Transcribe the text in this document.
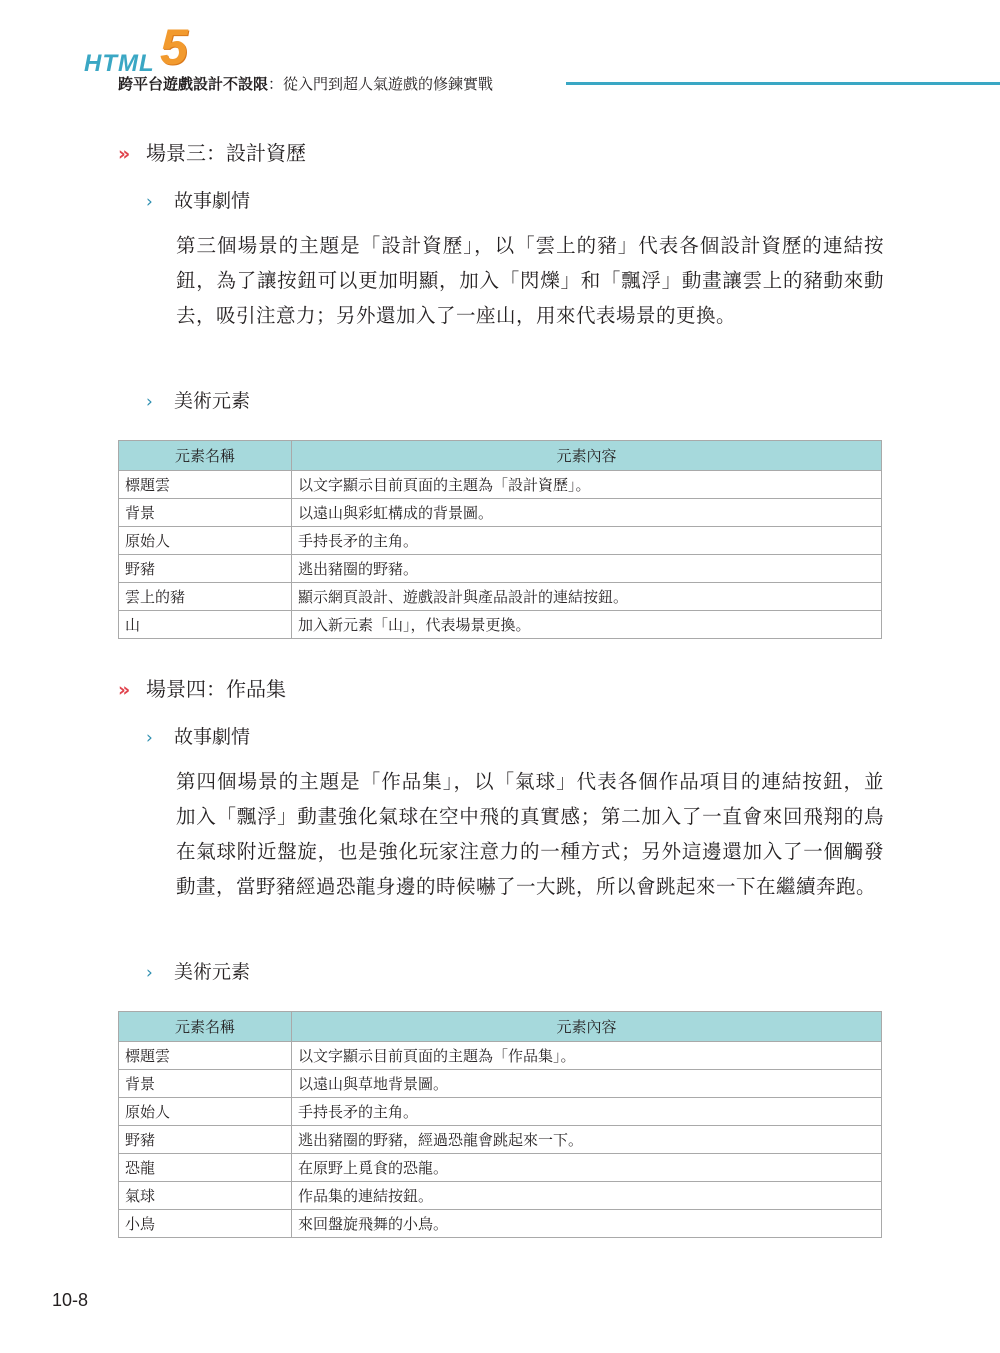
HTML 5
跨平台遊戲設計不設限：從入門到超人氣遊戲的修鍊實戰
» 場景三：設計資歷
› 故事劇情
第三個場景的主題是「設計資歷」，以「雲上的豬」代表各個設計資歷的連結按鈕，為了讓按鈕可以更加明顯，加入「閃爍」和「飄浮」動畫讓雲上的豬動來動去，吸引注意力；另外還加入了一座山，用來代表場景的更換。
› 美術元素
元素名稱	元素內容
標題雲	以文字顯示目前頁面的主題為「設計資歷」。
背景	以遠山與彩虹構成的背景圖。
原始人	手持長矛的主角。
野豬	逃出豬圈的野豬。
雲上的豬	顯示網頁設計、遊戲設計與產品設計的連結按鈕。
山	加入新元素「山」，代表場景更換。
» 場景四：作品集
› 故事劇情
第四個場景的主題是「作品集」，以「氣球」代表各個作品項目的連結按鈕，並加入「飄浮」動畫強化氣球在空中飛的真實感；第二加入了一直會來回飛翔的鳥在氣球附近盤旋，也是強化玩家注意力的一種方式；另外這邊還加入了一個觸發動畫，當野豬經過恐龍身邊的時候嚇了一大跳，所以會跳起來一下在繼續奔跑。
› 美術元素
元素名稱	元素內容
標題雲	以文字顯示目前頁面的主題為「作品集」。
背景	以遠山與草地背景圖。
原始人	手持長矛的主角。
野豬	逃出豬圈的野豬，經過恐龍會跳起來一下。
恐龍	在原野上覓食的恐龍。
氣球	作品集的連結按鈕。
小鳥	來回盤旋飛舞的小鳥。
10-8
